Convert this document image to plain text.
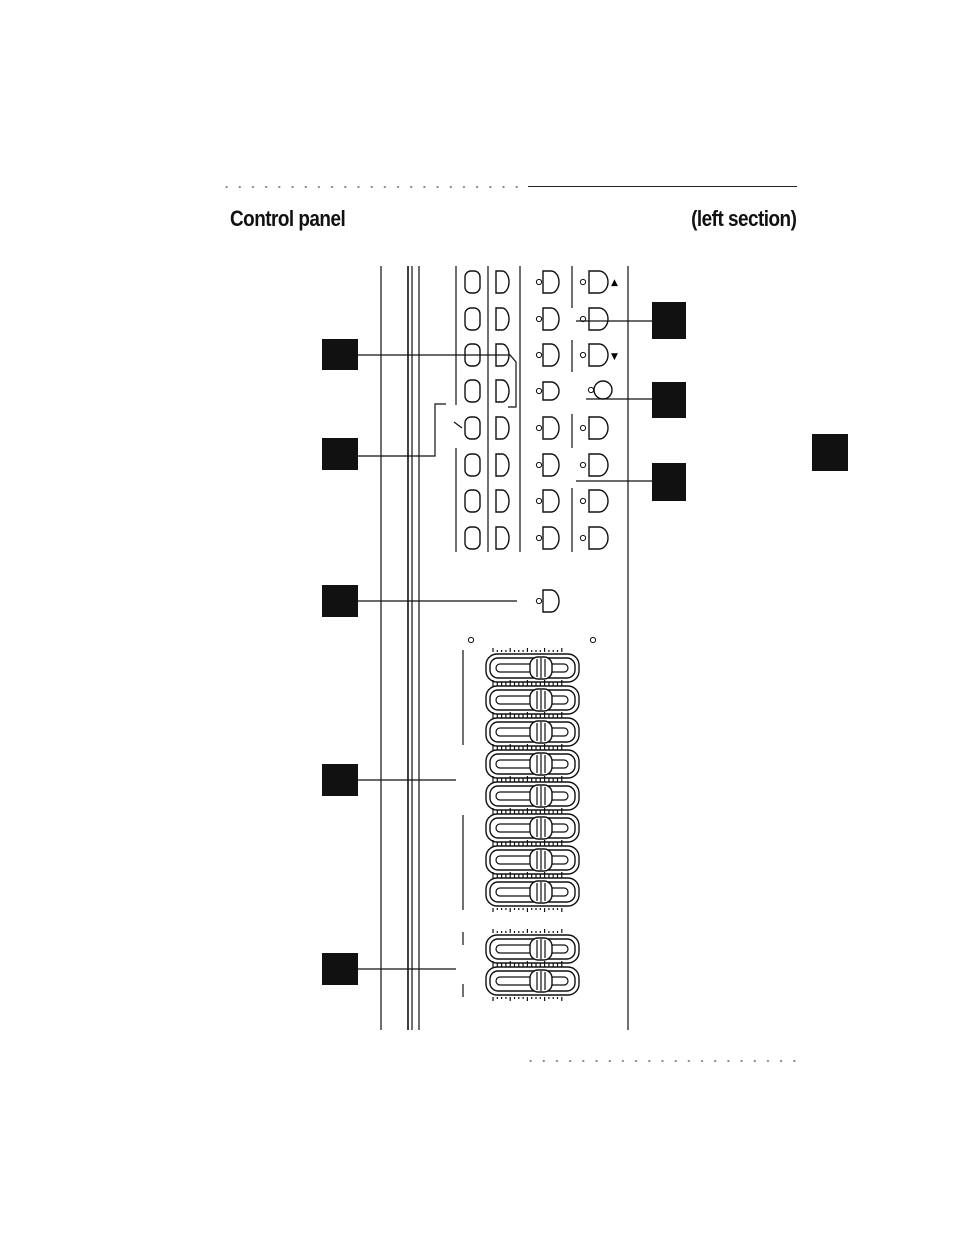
Control panel	(left section)
▲
▼
